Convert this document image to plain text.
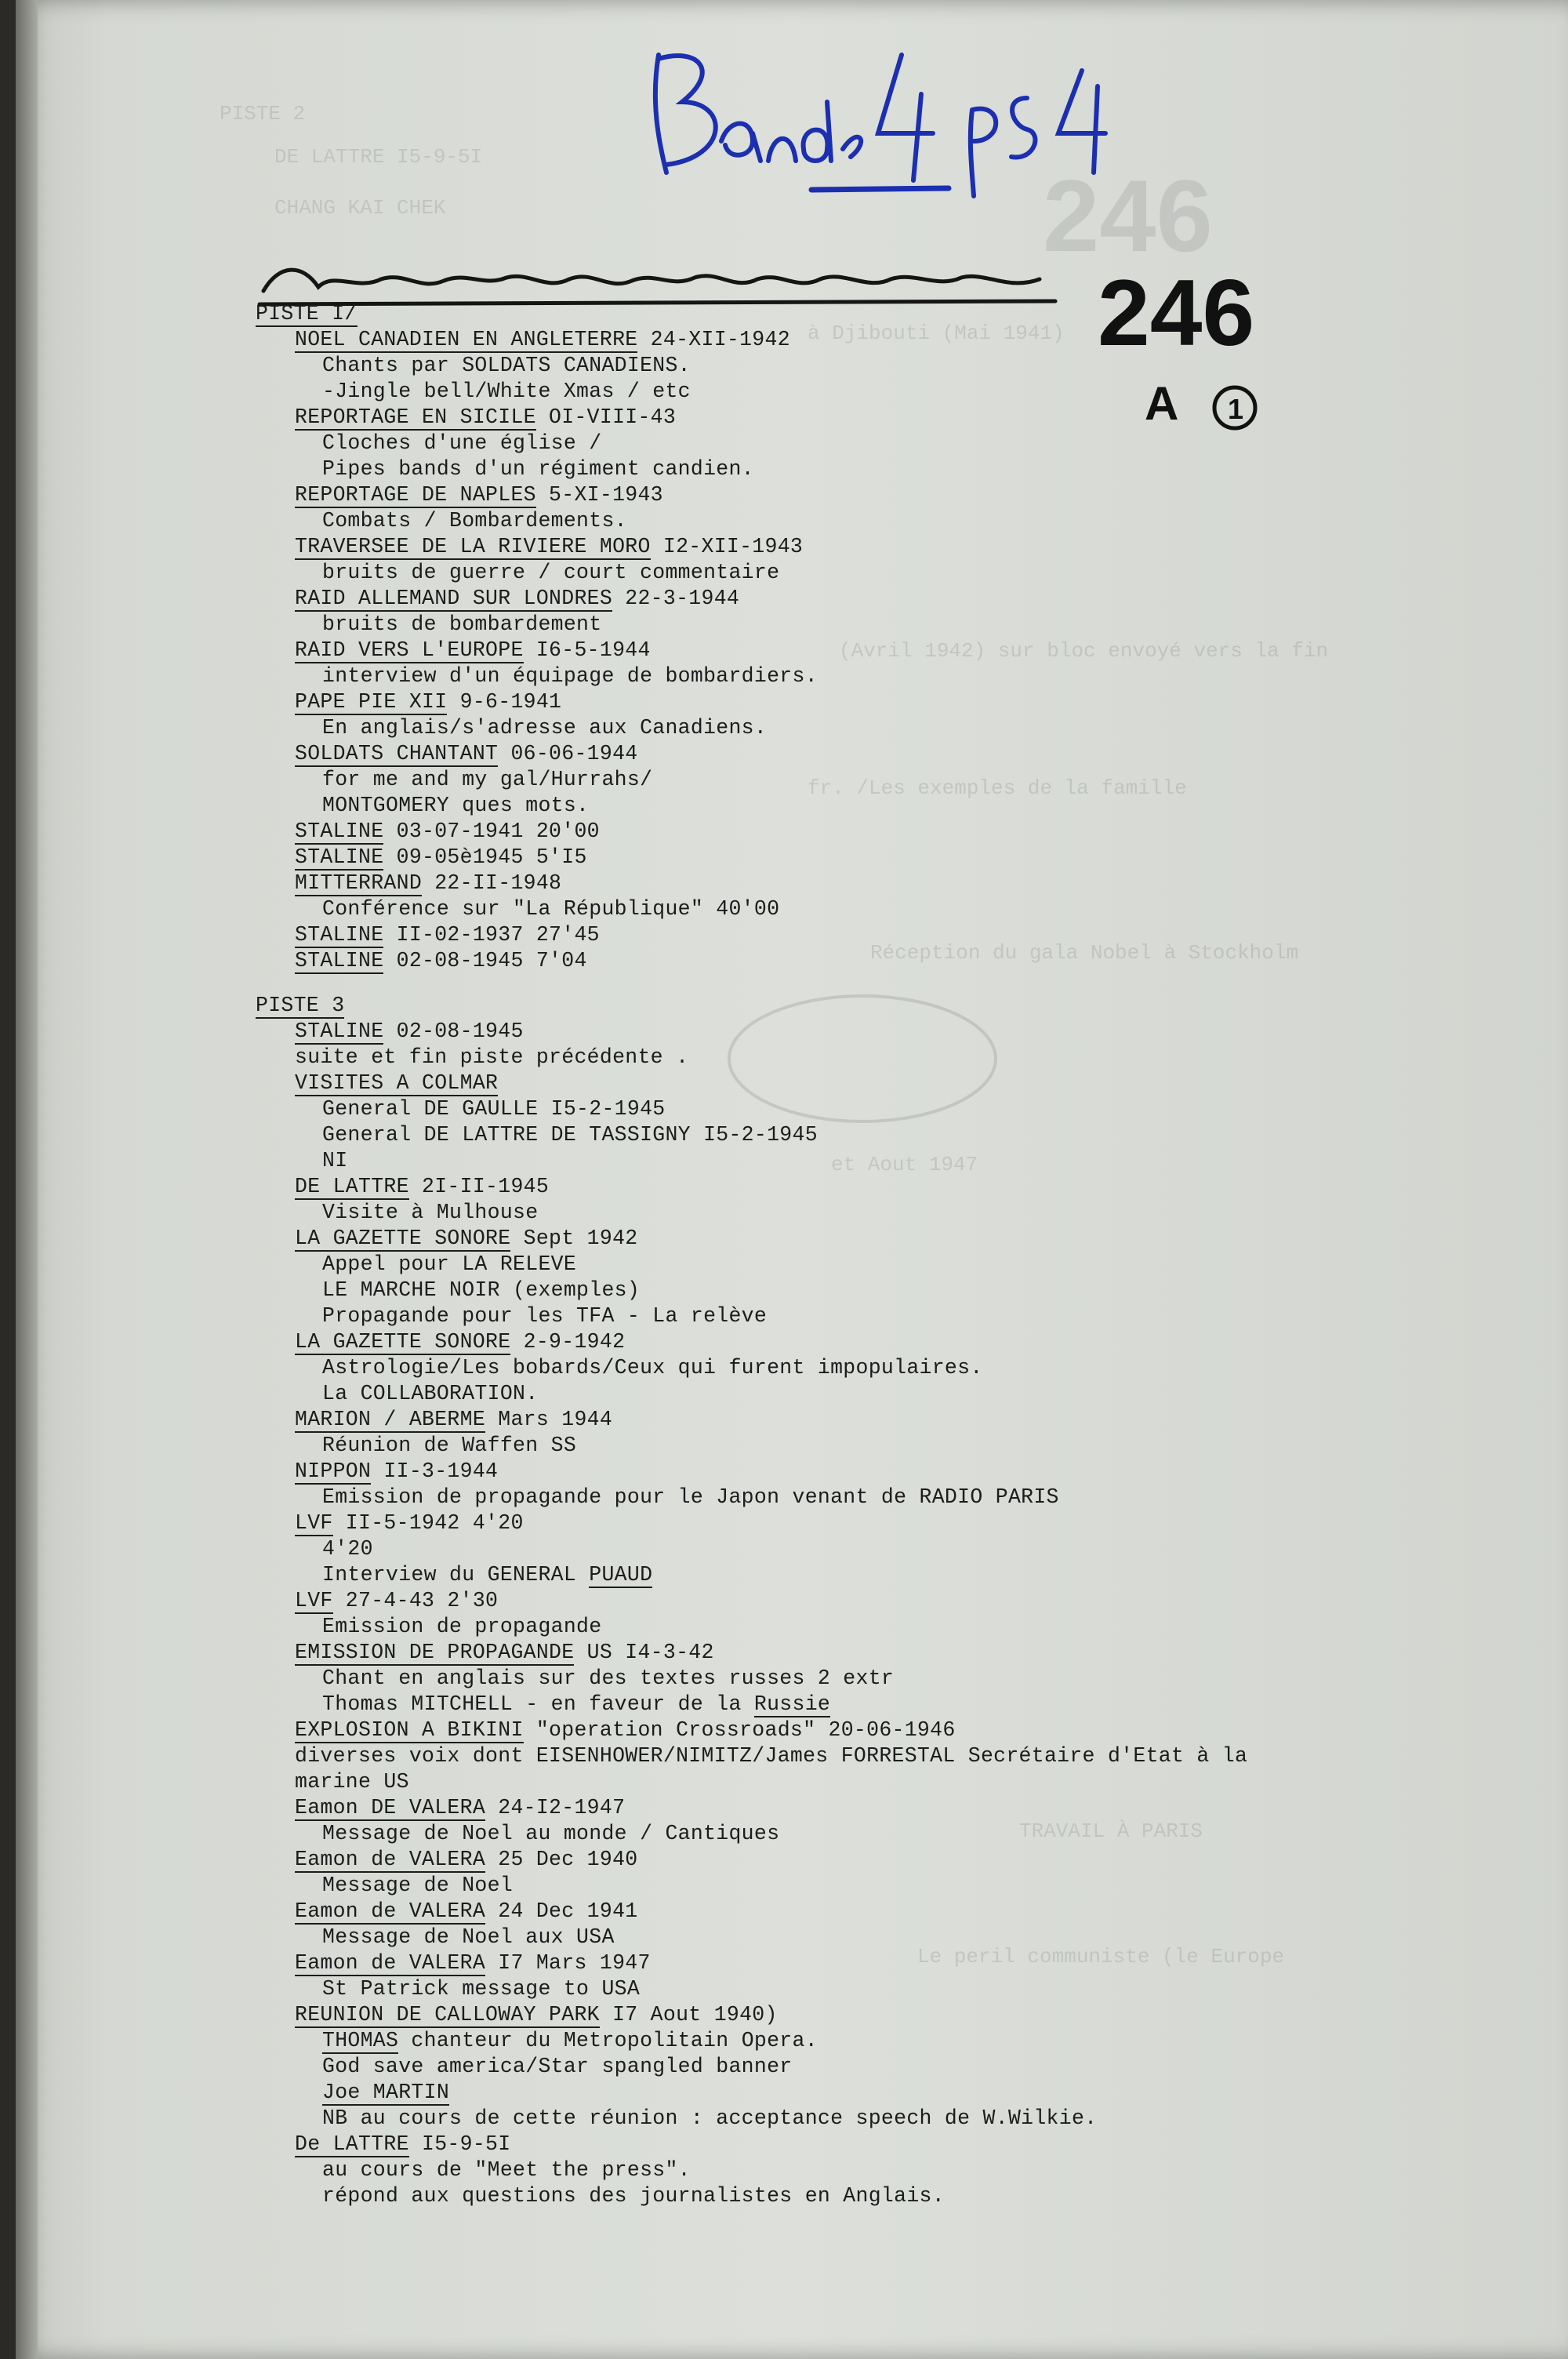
PISTE 2
DE LATTRE I5-9-5I
CHANG KAI CHEK
à Djibouti (Mai 1941)
(Avril 1942) sur bloc envoyé vers la fin
fr. /Les exemples de la famille
Réception du gala Nobel à Stockholm
et Aout 1947
TRAVAIL À PARIS
Le peril communiste (le Europe
246
246
A 1
PISTE I/
NOEL CANADIEN EN ANGLETERRE 24-XII-1942
Chants par SOLDATS CANADIENS.
-Jingle bell/White Xmas / etc
REPORTAGE EN SICILE OI-VIII-43
Cloches d'une église /
Pipes bands d'un régiment candien.
REPORTAGE DE NAPLES 5-XI-1943
Combats / Bombardements.
TRAVERSEE DE LA RIVIERE MORO I2-XII-1943
bruits de guerre / court commentaire
RAID ALLEMAND SUR LONDRES 22-3-1944
bruits de bombardement
RAID VERS L'EUROPE I6-5-1944
interview d'un équipage de bombardiers.
PAPE PIE XII 9-6-1941
En anglais/s'adresse aux Canadiens.
SOLDATS CHANTANT 06-06-1944
for me and my gal/Hurrahs/
MONTGOMERY ques mots.
STALINE 03-07-1941 20'00
STALINE 09-05è1945 5'I5
MITTERRAND 22-II-1948
Conférence sur "La République" 40'00
STALINE II-02-1937 27'45
STALINE 02-08-1945 7'04
PISTE 3
STALINE 02-08-1945
suite et fin piste précédente .
VISITES A COLMAR
General DE GAULLE I5-2-1945
General DE LATTRE DE TASSIGNY I5-2-1945
NI
DE LATTRE 2I-II-1945
Visite à Mulhouse
LA GAZETTE SONORE Sept 1942
Appel pour LA RELEVE
LE MARCHE NOIR (exemples)
Propagande pour les TFA - La relève
LA GAZETTE SONORE 2-9-1942
Astrologie/Les bobards/Ceux qui furent impopulaires.
La COLLABORATION.
MARION / ABERME Mars 1944
Réunion de Waffen SS
NIPPON II-3-1944
Emission de propagande pour le Japon venant de RADIO PARIS
LVF II-5-1942 4'20
4'20
Interview du GENERAL PUAUD
LVF 27-4-43 2'30
Emission de propagande
EMISSION DE PROPAGANDE US I4-3-42
Chant en anglais sur des textes russes 2 extr
Thomas MITCHELL - en faveur de la Russie
EXPLOSION A BIKINI "operation Crossroads" 20-06-1946
diverses voix dont EISENHOWER/NIMITZ/James FORRESTAL Secrétaire d'Etat à la
marine US
Eamon DE VALERA 24-I2-1947
Message de Noel au monde / Cantiques
Eamon de VALERA 25 Dec 1940
Message de Noel
Eamon de VALERA 24 Dec 1941
Message de Noel aux USA
Eamon de VALERA I7 Mars 1947
St Patrick message to USA
REUNION DE CALLOWAY PARK I7 Aout 1940)
THOMAS chanteur du Metropolitain Opera.
God save america/Star spangled banner
Joe MARTIN
NB au cours de cette réunion : acceptance speech de W.Wilkie.
De LATTRE I5-9-5I
au cours de "Meet the press".
répond aux questions des journalistes en Anglais.
